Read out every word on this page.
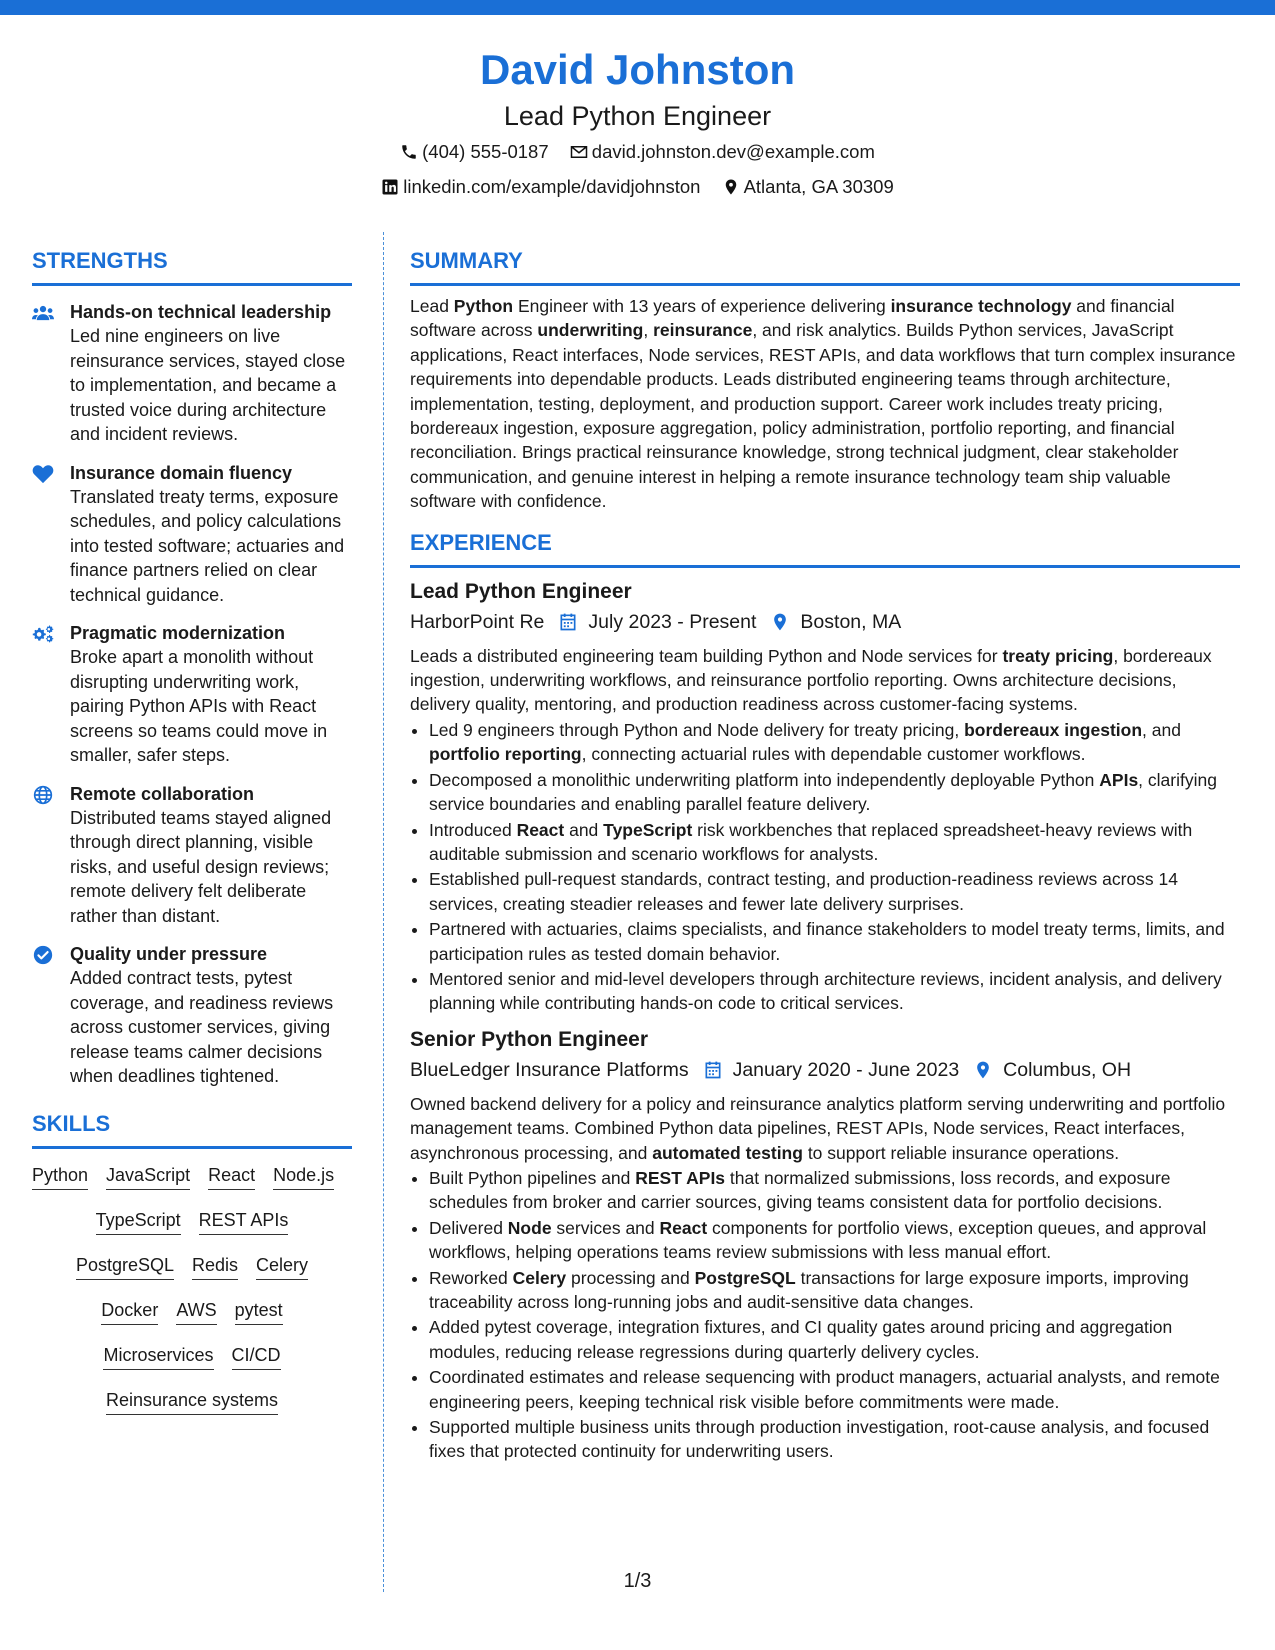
David Johnston
Lead Python Engineer
(404) 555-0187
david.johnston.dev@example.com
linkedin.com/example/davidjohnston
Atlanta, GA 30309
STRENGTHS
Hands-on technical leadership
Led nine engineers on live reinsurance services, stayed close to implementation, and became a trusted voice during architecture and incident reviews.
Insurance domain fluency
Translated treaty terms, exposure schedules, and policy calculations into tested software; actuaries and finance partners relied on clear technical guidance.
Pragmatic modernization
Broke apart a monolith without disrupting underwriting work, pairing Python APIs with React screens so teams could move in smaller, safer steps.
Remote collaboration
Distributed teams stayed aligned through direct planning, visible risks, and useful design reviews; remote delivery felt deliberate rather than distant.
Quality under pressure
Added contract tests, pytest coverage, and readiness reviews across customer services, giving release teams calmer decisions when deadlines tightened.
SKILLS
Python JavaScript React Node.js
TypeScript REST APIs
PostgreSQL Redis Celery
Docker AWS pytest
Microservices CI/CD
Reinsurance systems
SUMMARY
Lead Python Engineer with 13 years of experience delivering insurance technology and financial software across underwriting, reinsurance, and risk analytics. Builds Python services, JavaScript applications, React interfaces, Node services, REST APIs, and data workflows that turn complex insurance requirements into dependable products. Leads distributed engineering teams through architecture, implementation, testing, deployment, and production support. Career work includes treaty pricing, bordereaux ingestion, exposure aggregation, policy administration, portfolio reporting, and financial reconciliation. Brings practical reinsurance knowledge, strong technical judgment, clear stakeholder communication, and genuine interest in helping a remote insurance technology team ship valuable software with confidence.
EXPERIENCE
Lead Python Engineer
HarborPoint Re July 2023 - Present Boston, MA
Leads a distributed engineering team building Python and Node services for treaty pricing, bordereaux ingestion, underwriting workflows, and reinsurance portfolio reporting. Owns architecture decisions, delivery quality, mentoring, and production readiness across customer-facing systems.
• Led 9 engineers through Python and Node delivery for treaty pricing, bordereaux ingestion, and portfolio reporting, connecting actuarial rules with dependable customer workflows.
• Decomposed a monolithic underwriting platform into independently deployable Python APIs, clarifying service boundaries and enabling parallel feature delivery.
• Introduced React and TypeScript risk workbenches that replaced spreadsheet-heavy reviews with auditable submission and scenario workflows for analysts.
• Established pull-request standards, contract testing, and production-readiness reviews across 14 services, creating steadier releases and fewer late delivery surprises.
• Partnered with actuaries, claims specialists, and finance stakeholders to model treaty terms, limits, and participation rules as tested domain behavior.
• Mentored senior and mid-level developers through architecture reviews, incident analysis, and delivery planning while contributing hands-on code to critical services.
Senior Python Engineer
BlueLedger Insurance Platforms January 2020 - June 2023 Columbus, OH
Owned backend delivery for a policy and reinsurance analytics platform serving underwriting and portfolio management teams. Combined Python data pipelines, REST APIs, Node services, React interfaces, asynchronous processing, and automated testing to support reliable insurance operations.
• Built Python pipelines and REST APIs that normalized submissions, loss records, and exposure schedules from broker and carrier sources, giving teams consistent data for portfolio decisions.
• Delivered Node services and React components for portfolio views, exception queues, and approval workflows, helping operations teams review submissions with less manual effort.
• Reworked Celery processing and PostgreSQL transactions for large exposure imports, improving traceability across long-running jobs and audit-sensitive data changes.
• Added pytest coverage, integration fixtures, and CI quality gates around pricing and aggregation modules, reducing release regressions during quarterly delivery cycles.
• Coordinated estimates and release sequencing with product managers, actuarial analysts, and remote engineering peers, keeping technical risk visible before commitments were made.
• Supported multiple business units through production investigation, root-cause analysis, and focused fixes that protected continuity for underwriting users.
1/3
